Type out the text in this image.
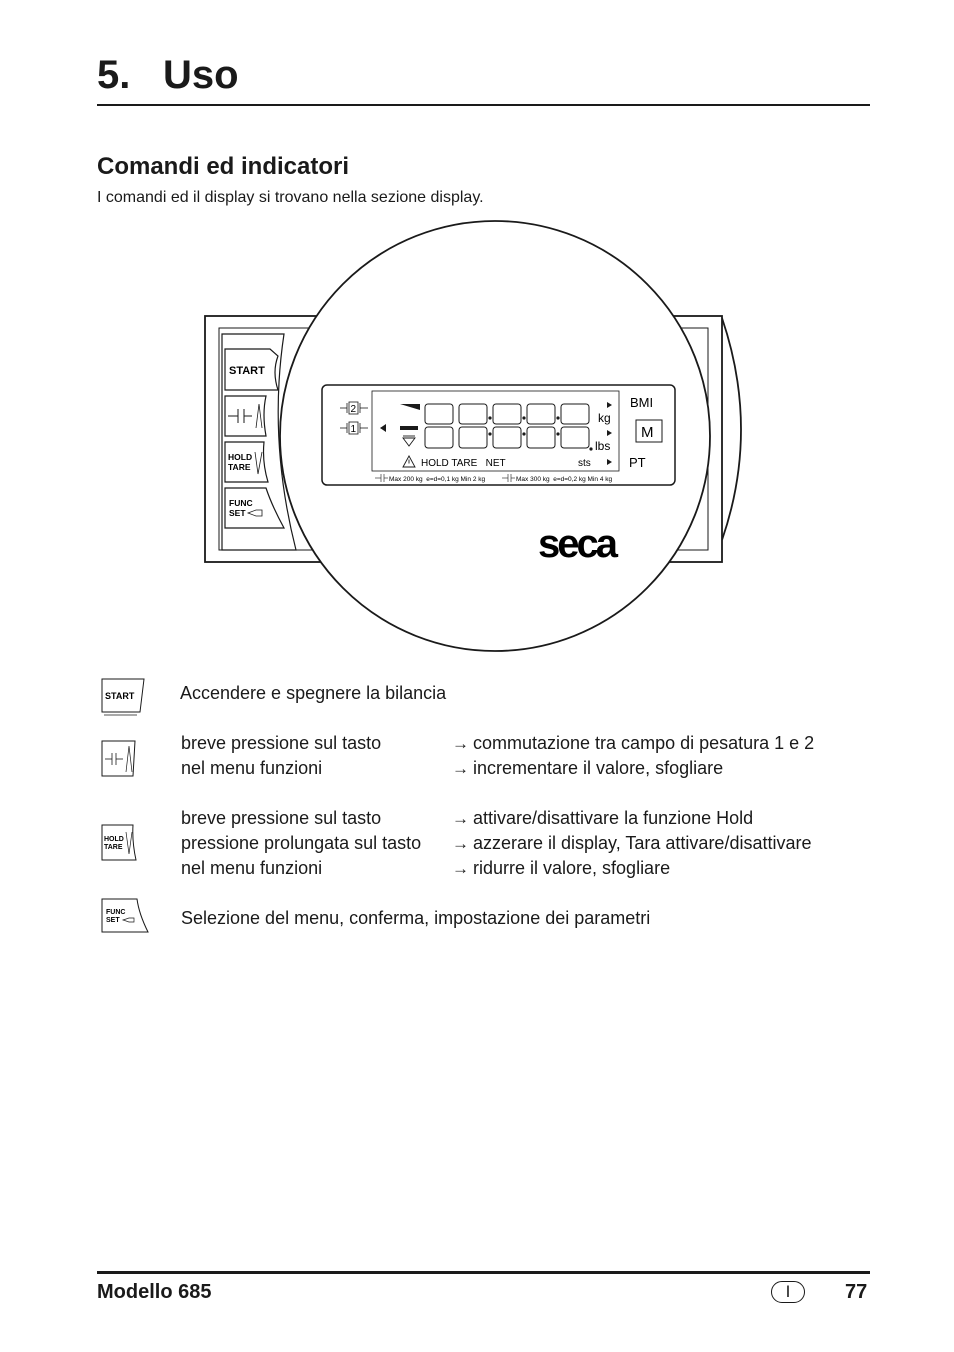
5. Uso
Comandi ed indicatori
I comandi ed il display si trovano nella sezione display.
START
HOLD
TARE
FUNC
SET
2
1
kg
lbs
BMI
M
PT
HOLD TARE   NET	sts
Max 200 kg  e=d=0,1 kg Min 2 kg	Max 300 kg  e=d=0,2 kg Min 4 kg
seca
START	Accendere e spegnere la bilancia
breve pressione sul tasto	→ commutazione tra campo di pesatura 1 e 2
nel menu funzioni	→ incrementare il valore, sfogliare
HOLD
TARE
breve pressione sul tasto	→ attivare/disattivare la funzione Hold
pressione prolungata sul tasto → azzerare il display, Tara attivare/disattivare
nel menu funzioni	→ ridurre il valore, sfogliare
FUNC
SET	Selezione del menu, conferma, impostazione dei parametri
Modello 685	I	77
